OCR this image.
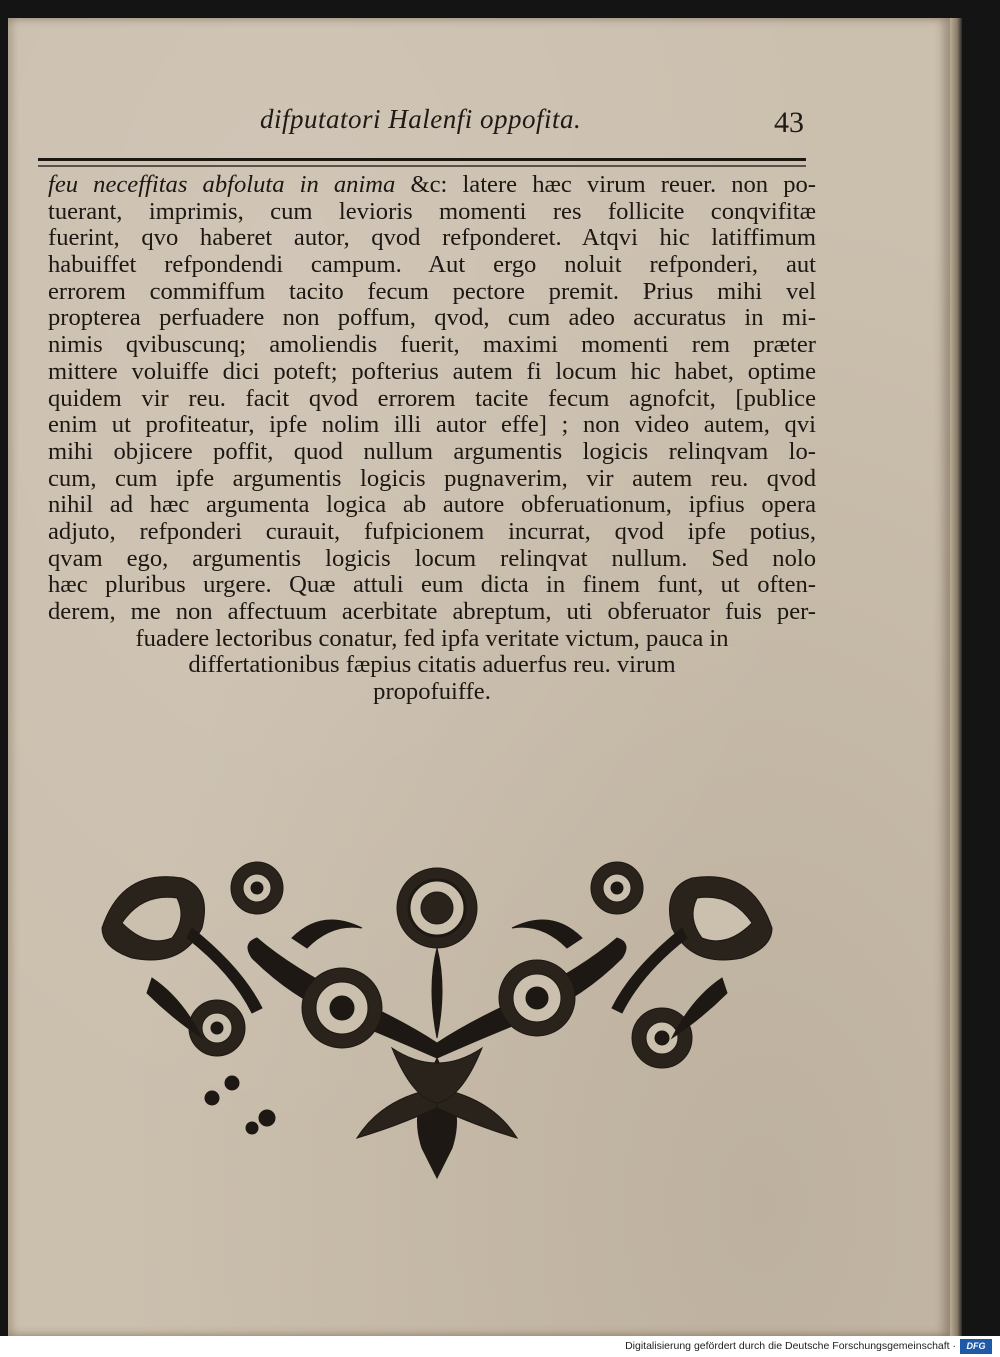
difputatori Halenfi oppofita.	43
feu neceffitas abfoluta in anima &c: latere hæc virum reuer. non po-
tuerant, imprimis, cum levioris momenti res follicite conqvifitæ
fuerint, qvo haberet autor, qvod refponderet. Atqvi hic latiffimum
habuiffet refpondendi campum. Aut ergo noluit refponderi, aut
errorem commiffum tacito fecum pectore premit. Prius mihi vel
propterea perfuadere non poffum, qvod, cum adeo accuratus in mi-
nimis qvibuscunq; amoliendis fuerit, maximi momenti rem præter
mittere voluiffe dici poteft; pofterius autem fi locum hic habet, optime
quidem vir reu. facit qvod errorem tacite fecum agnofcit, [publice
enim ut profiteatur, ipfe nolim illi autor effe] ; non video autem, qvi
mihi objicere poffit, quod nullum argumentis logicis relinqvam lo-
cum, cum ipfe argumentis logicis pugnaverim, vir autem reu. qvod
nihil ad hæc argumenta logica ab autore obferuationum, ipfius opera
adjuto, refponderi curauit, fufpicionem incurrat, qvod ipfe potius,
qvam ego, argumentis logicis locum relinqvat nullum. Sed nolo
hæc pluribus urgere. Quæ attuli eum dicta in finem funt, ut often-
derem, me non affectuum acerbitate abreptum, uti obferuator fuis per-
fuadere lectoribus conatur, fed ipfa veritate victum, pauca in
differtationibus fæpius citatis aduerfus reu. virum
propofuiffe.
Digitalisierung gefördert durch die Deutsche Forschungsgemeinschaft ·	DFG
